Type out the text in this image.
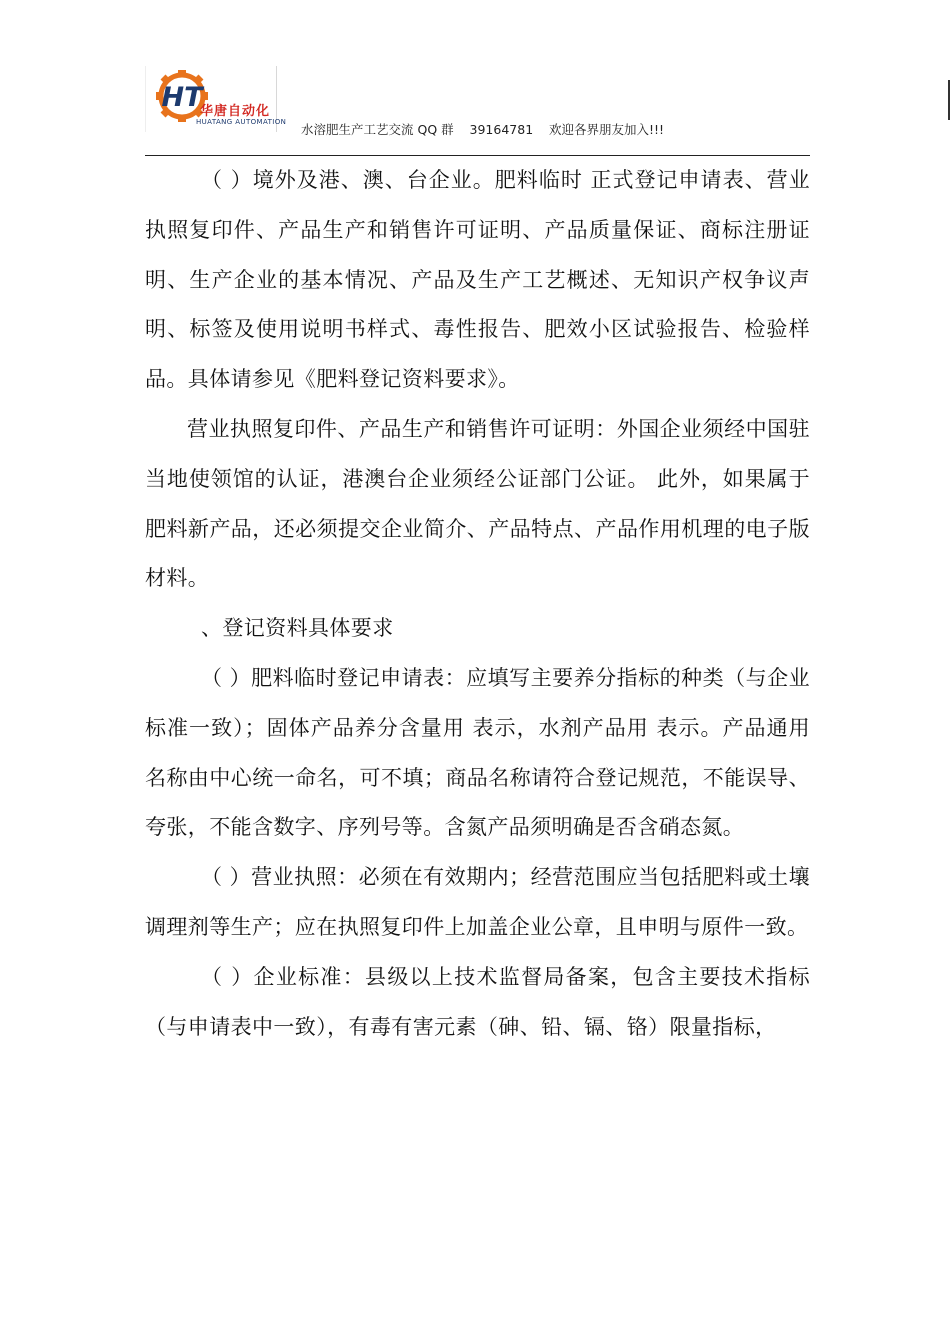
HT
华唐自动化
HUATANG AUTOMATION 水溶肥生产工艺交流 QQ 群    39164781    欢迎各界朋友加入!!!

（ ）境外及港、澳、台企业。肥料临时 正式登记申请表、营业执照复印件、产品生产和销售许可证明、产品质量保证、商标注册证明、生产企业的基本情况、产品及生产工艺概述、无知识产权争议声明、标签及使用说明书样式、毒性报告、肥效小区试验报告、检验样品。具体请参见《肥料登记资料要求》。

营业执照复印件、产品生产和销售许可证明：外国企业须经中国驻当地使领馆的认证，港澳台企业须经公证部门公证。 此外，如果属于肥料新产品，还必须提交企业简介、产品特点、产品作用机理的电子版材料。

、登记资料具体要求

（ ）肥料临时登记申请表：应填写主要养分指标的种类（与企业标准一致）；固体产品养分含量用 表示，水剂产品用 表示。产品通用名称由中心统一命名，可不填；商品名称请符合登记规范，不能误导、夸张，不能含数字、序列号等。含氮产品须明确是否含硝态氮。

（ ）营业执照：必须在有效期内；经营范围应当包括肥料或土壤调理剂等生产；应在执照复印件上加盖企业公章，且申明与原件一致。

（ ）企业标准：县级以上技术监督局备案，包含主要技术指标（与申请表中一致），有毒有害元素（砷、铅、镉、铬）限量指标，
